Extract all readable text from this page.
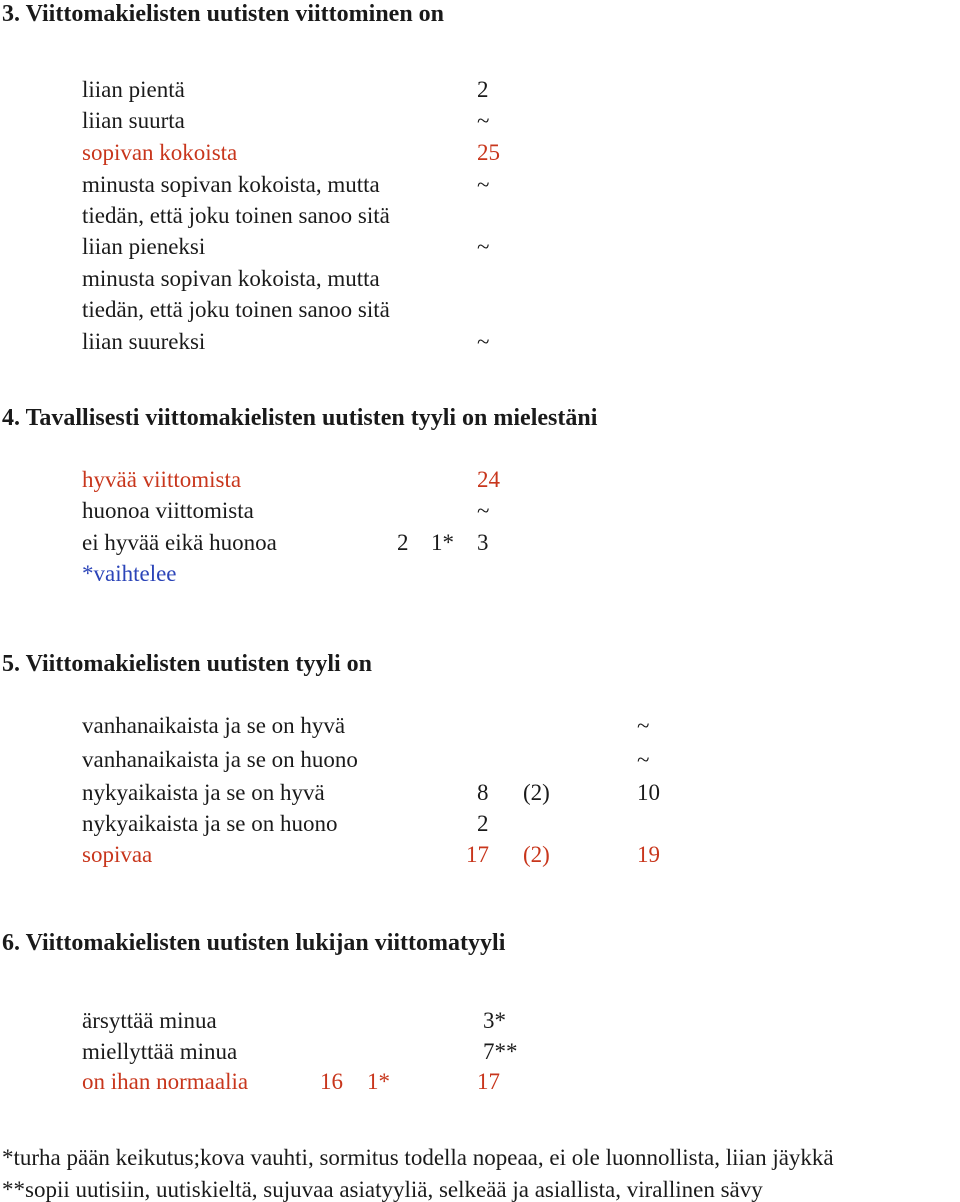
3. Viittomakielisten uutisten viittominen on
liian pientä	2
liian suurta	~
sopivan kokoista	25
minusta sopivan kokoista, mutta	~
tiedän, että joku toinen sanoo sitä
liian pieneksi	~
minusta sopivan kokoista, mutta
tiedän, että joku toinen sanoo sitä
liian suureksi	~
4. Tavallisesti viittomakielisten uutisten tyyli on mielestäni
hyvää viittomista	24
huonoa viittomista	~
ei hyvää eikä huonoa	2 1* 3
*vaihtelee
5. Viittomakielisten uutisten tyyli on
vanhanaikaista ja se on hyvä	~
vanhanaikaista ja se on huono	~
nykyaikaista ja se on hyvä	8 (2)	10
nykyaikaista ja se on huono	2
sopivaa	17 (2)	19
6. Viittomakielisten uutisten lukijan viittomatyyli
ärsyttää minua	3*
miellyttää minua	7**
on ihan normaalia	16 1*	17
*turha pään keikutus;kova vauhti, sormitus todella nopeaa, ei ole luonnollista, liian jäykkä
**sopii uutisiin, uutiskieltä, sujuvaa asiatyyliä, selkeää ja asiallista, virallinen sävy
